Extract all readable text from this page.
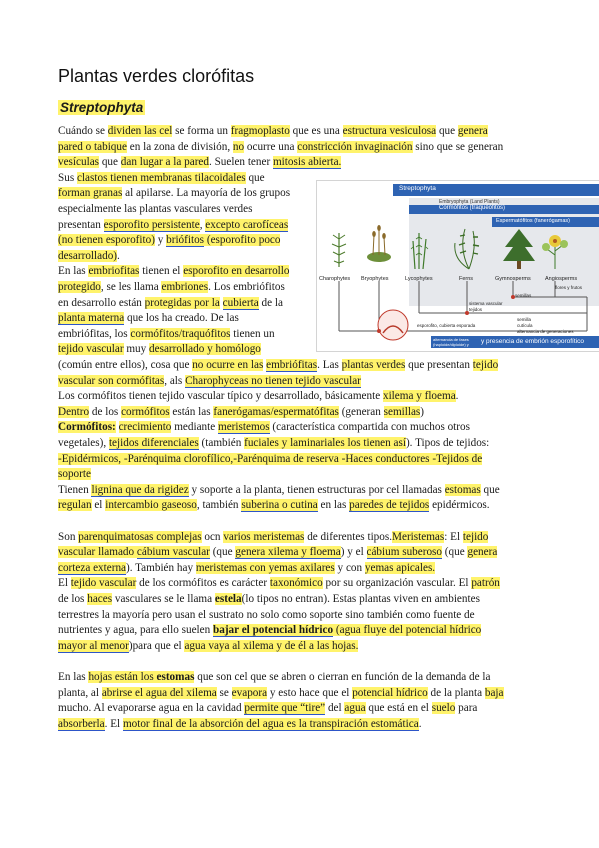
Plantas verdes clorófitas
Streptophyta
Cuándo se dividen las cel se forma un fragmoplasto que es una estructura vesiculosa que genera
pared o tabique en la zona de división, no ocurre una constricción invaginación sino que se generan
vesículas que dan lugar a la pared. Suelen tener mitosis abierta.
Sus clastos tienen membranas tilacoidales que
forman granas al apilarse. La mayoría de los grupos
especialmente las plantas vasculares verdes
presentan esporofito persistente, excepto carofíceas
(no tienen esporofito) y briófitos (esporofito poco
desarrollado).
En las embriofitas tienen el esporofito en desarrollo
protegido, se les llama embriones. Los embriófitos
en desarrollo están protegidas por la cubierta de la
planta materna que los ha creado. De las
embriófitas, los cormófitos/traquófitos tienen un
tejido vascular muy desarrollado y homólogo
(común entre ellos), cosa que no ocurre en las embriófitas. Las plantas verdes que presentan tejido
vascular son cormófitas, als Charophyceas no tienen tejido vascular
Los cormófitos tienen tejido vascular típico y desarrollado, básicamente xilema y floema.
Dentro de los cormófitos están las fanerógamas/espermatófitas (generan semillas)
Cormófitos: crecimiento mediante meristemos (característica compartida con muchos otros
vegetales), tejidos diferenciales (también fuciales y laminariales los tienen así). Tipos de tejidos:
-Epidérmicos, -Parénquima clorofílico,-Parénquima de reserva -Haces conductores -Tejidos de
soporte
Tienen lignina que da rigidez y soporte a la planta, tienen estructuras por cel llamadas estomas que
regulan el intercambio gaseoso, también suberina o cutina en las paredes de tejidos epidérmicos.
Son parenquimatosas complejas ocn varios meristemas de diferentes tipos.Meristemas: El tejido
vascular llamado cábium vascular (que genera xilema y floema) y el cábium suberoso (que genera
corteza externa). También hay meristemas con yemas axilares y con yemas apicales.
El tejido vascular de los cormófitos es carácter taxonómico por su organización vascular. El patrón
de los haces vasculares se le llama estela(lo tipos no entran). Estas plantas viven en ambientes
terrestres la mayoría pero usan el sustrato no solo como soporte sino también como fuente de
nutrientes y agua, para ello suelen bajar el potencial hídrico (agua fluye del potencial hídrico
mayor al menor)para que el agua vaya al xilema y de él a las hojas.
En las hojas están los estomas que son cel que se abren o cierran en función de la demanda de la
planta, al abrirse el agua del xilema se evapora y esto hace que el potencial hídrico de la planta baja
mucho. Al evaporarse agua en la cavidad permite que “tire” del agua que está en el suelo para
absorberla. El motor final de la absorción del agua es la transpiración estomática.
Embryophyta (Land Plants)
Streptophyta
Cormófitos (traquéófitos)
Espermatófitos (fanerógamas)
Charophytes Bryophytes	Lycophytes	Ferns	Gymnosperms	Angiosperms
flores y frutos
semillas
sistema vascular
tejidos
semilla
cutícula
alternancia de generaciones
esporofito, cubierta esporada
alternancia de fases (haploide/diploide) y mucho más
y presencia de embrión esporofítico
